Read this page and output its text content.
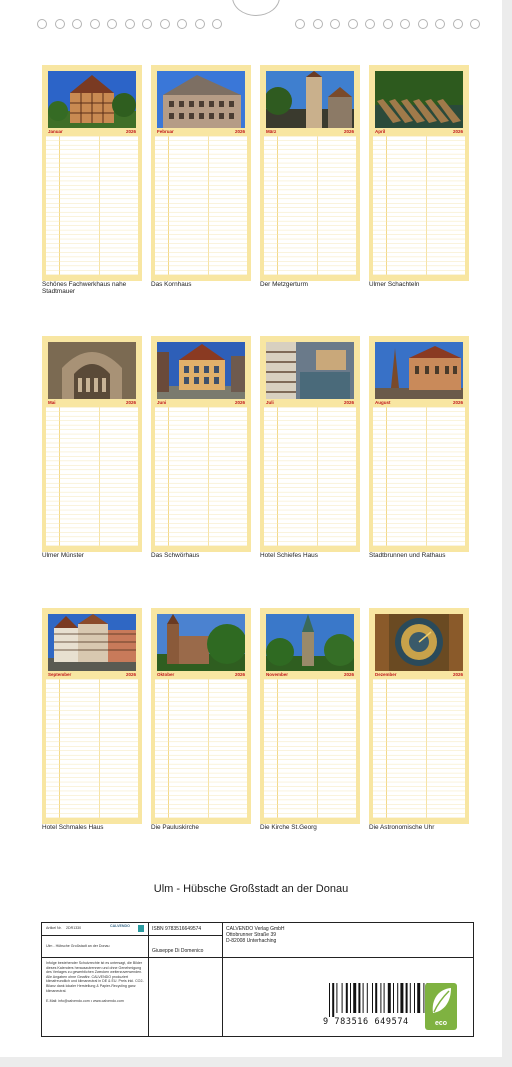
Januar	2026
Schönes Fachwerkhaus nahe Stadtmauer
Februar	2026
Das Kornhaus
März	2026
Der Metzgerturm
April	2026
Ulmer Schachteln
Mai	2026
Ulmer Münster
Juni	2026
Das Schwörhaus
Juli	2026
Hotel Schiefes Haus
August	2026
Stadtbrunnen und Rathaus
September	2026
Hotel Schmales Haus
Oktober	2026
Die Pauluskirche
November	2026
Die Kirche St.Georg
Dezember	2026
Die Astronomische Uhr
Ulm - Hübsche Großstadt an der Donau
Artikel Nr. 2DR1330	CALVENDO
Ulm - Hübsche Großstadt an der Donau
Infolge bestehender Schutzrechte ist es untersagt, die Bilder dieses Kalenders herauszutrennen und ohne Genehmigung des Verlages zu gewerblichen Zwecken weiterzuverwenden. Alle Angaben ohne Gewähr. CALVENDO produziert klimafreundlich und klimaneutral in DE & EU. Preis inkl. CO2-Bilanz dank lokaler Herstellung & Papier-Recycling ganz klimaneutral.
E-Mail: info@calvendo.com • www.calvendo.com
ISBN 9783516649574
Giuseppe Di Domenico
CALVENDO Verlag GmbH
Ottobrunner Straße 39
D-82008 Unterhaching
9 783516 649574	eco
